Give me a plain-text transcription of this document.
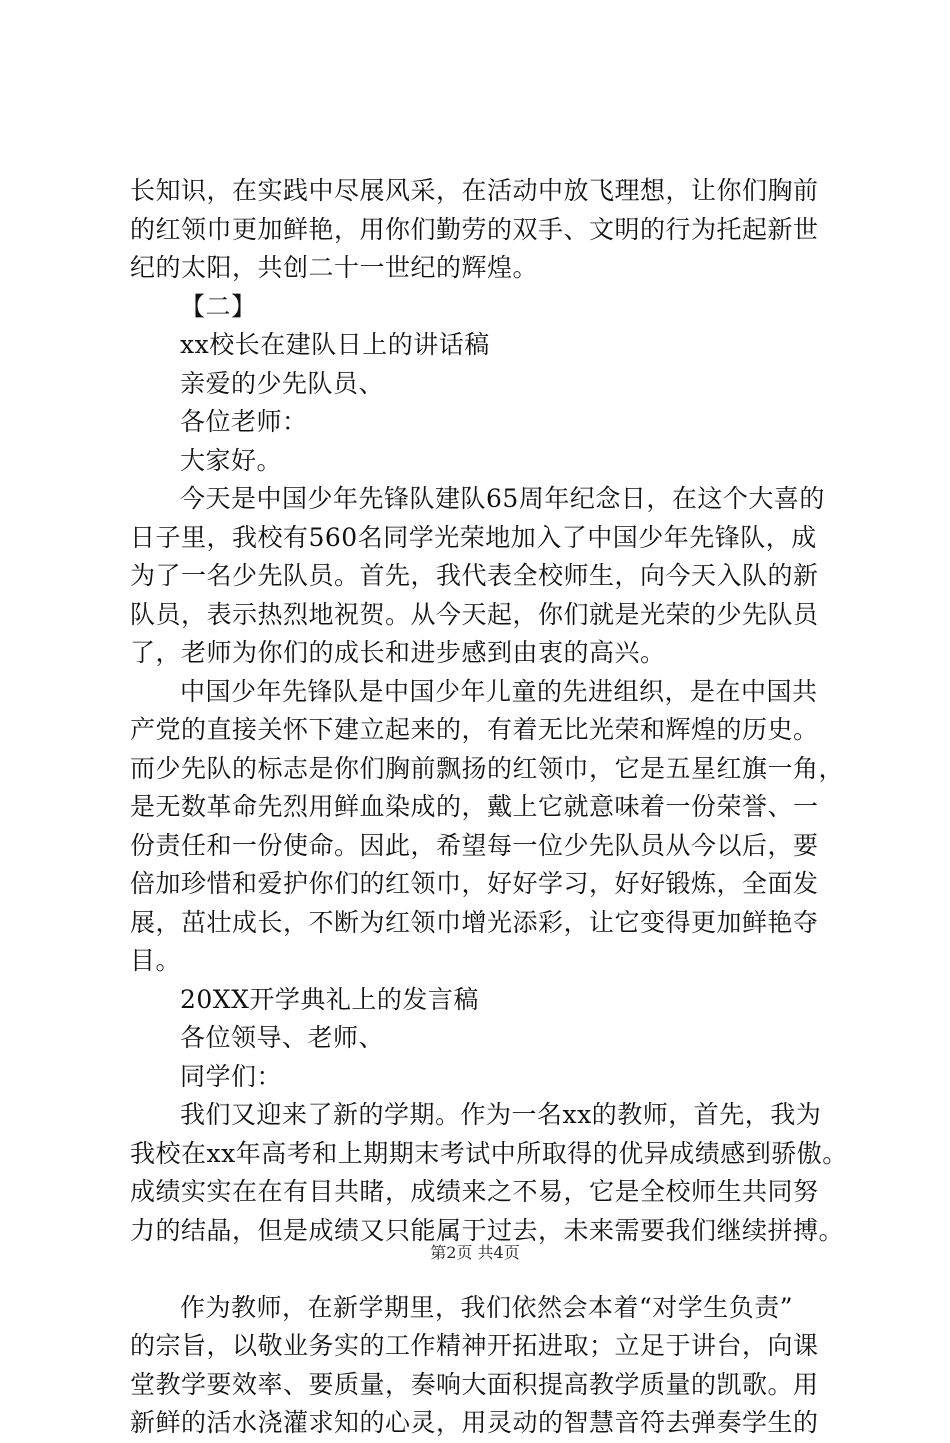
长知识，在实践中尽展风采，在活动中放飞理想，让你们胸前
的红领巾更加鲜艳，用你们勤劳的双手、文明的行为托起新世
纪的太阳，共创二十一世纪的辉煌。
【二】
xx校长在建队日上的讲话稿
亲爱的少先队员、
各位老师：
大家好。
今天是中国少年先锋队建队65周年纪念日，在这个大喜的
日子里，我校有560名同学光荣地加入了中国少年先锋队，成
为了一名少先队员。首先，我代表全校师生，向今天入队的新
队员，表示热烈地祝贺。从今天起，你们就是光荣的少先队员
了，老师为你们的成长和进步感到由衷的高兴。
中国少年先锋队是中国少年儿童的先进组织，是在中国共
产党的直接关怀下建立起来的，有着无比光荣和辉煌的历史。
而少先队的标志是你们胸前飘扬的红领巾，它是五星红旗一角，
是无数革命先烈用鲜血染成的，戴上它就意味着一份荣誉、一
份责任和一份使命。因此，希望每一位少先队员从今以后，要
倍加珍惜和爱护你们的红领巾，好好学习，好好锻炼，全面发
展，茁壮成长，不断为红领巾增光添彩，让它变得更加鲜艳夺
目。
20XX开学典礼上的发言稿
各位领导、老师、
同学们：
我们又迎来了新的学期。作为一名xx的教师，首先，我为
我校在xx年高考和上期期末考试中所取得的优异成绩感到骄傲。
成绩实实在在有目共睹，成绩来之不易，它是全校师生共同努
力的结晶，但是成绩又只能属于过去，未来需要我们继续拼搏。
作为教师，在新学期里，我们依然会本着“对学生负责”
的宗旨，以敬业务实的工作精神开拓进取；立足于讲台，向课
堂教学要效率、要质量，奏响大面积提高教学质量的凯歌。用
新鲜的活水浇灌求知的心灵，用灵动的智慧音符去弹奏学生的
第2页 共4页
